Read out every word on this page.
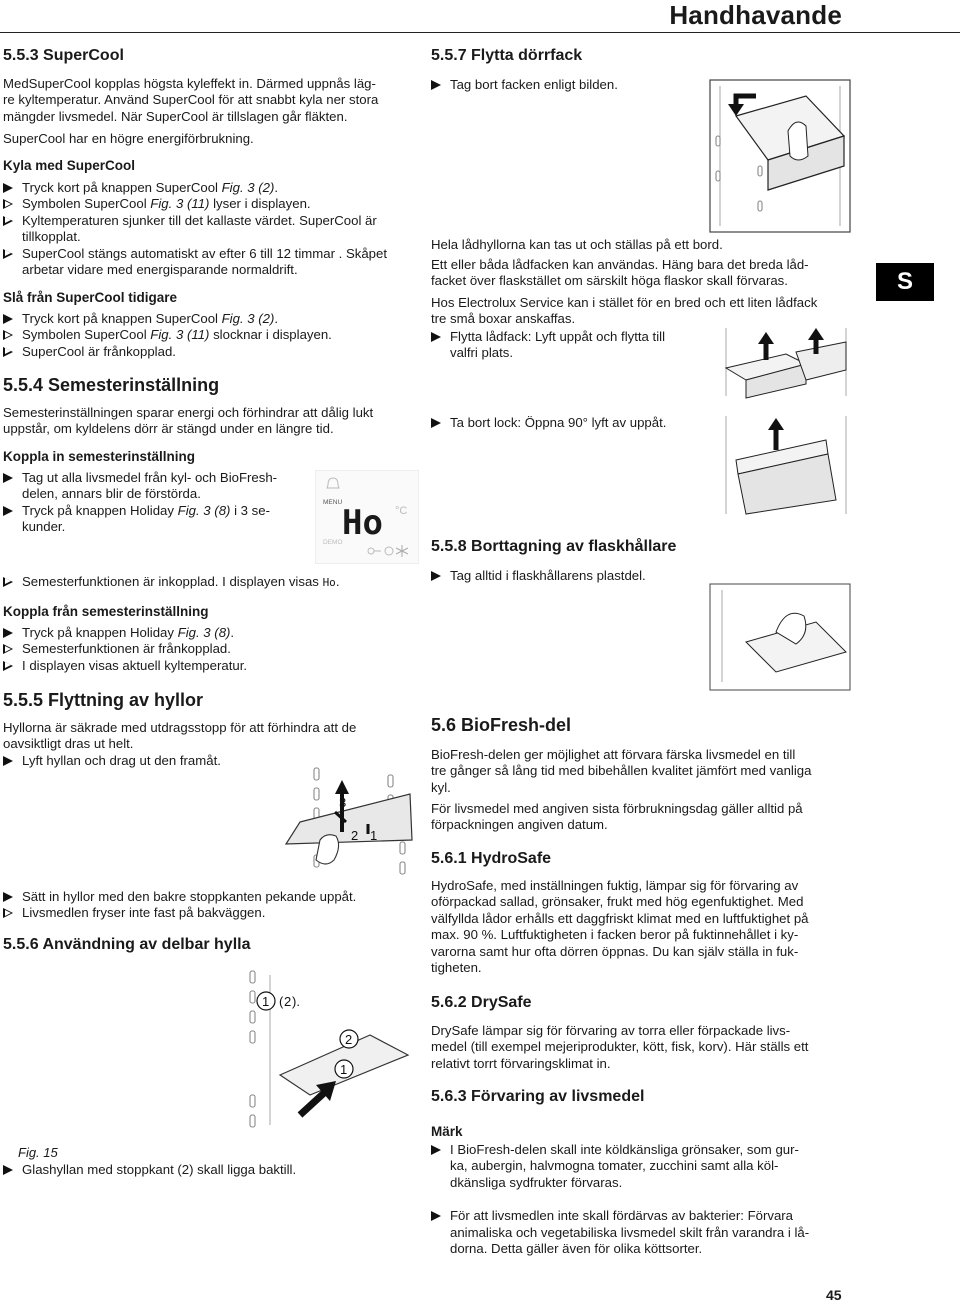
Handhavande
S
45
5.5.3 SuperCool
MedSuperCool kopplas högsta kyleffekt in. Därmed uppnås läg-
re kyltemperatur. Använd SuperCool för att snabbt kyla ner stora
mängder livsmedel. När SuperCool är tillslagen går fläkten.
SuperCool har en högre energiförbrukning.
Kyla med SuperCool
Tryck kort på knappen SuperCool Fig. 3 (2).
Symbolen SuperCool Fig. 3 (11) lyser i displayen.
Kyltemperaturen sjunker till det kallaste värdet. SuperCool är
tillkopplat.
SuperCool stängs automatiskt av efter 6 till 12 timmar . Skåpet
arbetar vidare med energisparande normaldrift.
Slå från SuperCool tidigare
Tryck kort på knappen SuperCool Fig. 3 (2).
Symbolen SuperCool Fig. 3 (11) slocknar i displayen.
SuperCool är frånkopplad.
5.5.4 Semesterinställning
Semesterinställningen sparar energi och förhindrar att dålig lukt
uppstår, om kyldelens dörr är stängd under en längre tid.
Koppla in semesterinställning
Tag ut alla livsmedel från kyl- och BioFresh-
delen, annars blir de förstörda.
Tryck på knappen Holiday Fig. 3 (8) i 3 se-
kunder.
MENU
°C
Ho
DEMO
Semesterfunktionen är inkopplad. I displayen visas Ho.
Koppla från semesterinställning
Tryck på knappen Holiday Fig. 3 (8).
Semesterfunktionen är frånkopplad.
I displayen visas aktuell kyltemperatur.
5.5.5 Flyttning av hyllor
Hyllorna är säkrade med utdragsstopp för att förhindra att de
oavsiktligt dras ut helt.
Lyft hyllan och drag ut den framåt.
3
2 1
Sätt in hyllor med den bakre stoppkanten pekande uppåt.
Livsmedlen fryser inte fast på bakväggen.
5.5.6 Användning av delbar hylla
1 ( 2 ).
2
1
Fig. 15
Glashyllan med stoppkant (2) skall ligga baktill.
5.5.7 Flytta dörrfack
Tag bort facken enligt bilden.
Hela lådhyllorna kan tas ut och ställas på ett bord.
Ett eller båda lådfacken kan användas. Häng bara det breda låd-
facket över flaskstället om särskilt höga flaskor skall förvaras.
Hos Electrolux Service kan i stället för en bred och ett liten lådfack
tre små boxar anskaffas.
Flytta lådfack: Lyft uppåt och flytta till
valfri plats.
Ta bort lock: Öppna 90° lyft av uppåt.
5.5.8 Borttagning av flaskhållare
Tag alltid i flaskhållarens plastdel.
5.6 BioFresh-del
BioFresh-delen ger möjlighet att förvara färska livsmedel en till
tre gånger så lång tid med bibehållen kvalitet jämfört med vanliga
kyl.
För livsmedel med angiven sista förbrukningsdag gäller alltid på
förpackningen angiven datum.
5.6.1 HydroSafe
HydroSafe, med inställningen fuktig, lämpar sig för förvaring av
oförpackad sallad, grönsaker, frukt med hög egenfuktighet. Med
välfyllda lådor erhålls ett daggfriskt klimat med en luftfuktighet på
max. 90 %. Luftfuktigheten i facken beror på fuktinnehållet i ky-
varorna samt hur ofta dörren öppnas. Du kan själv ställa in fuk-
tigheten.
5.6.2 DrySafe
DrySafe lämpar sig för förvaring av torra eller förpackade livs-
medel (till exempel mejeriprodukter, kött, fisk, korv). Här ställs ett
relativt torrt förvaringsklimat in.
5.6.3 Förvaring av livsmedel
Märk
I BioFresh-delen skall inte köldkänsliga grönsaker, som gur-
ka, aubergin, halvmogna tomater, zucchini samt alla köl-
dkänsliga sydfrukter förvaras.
För att livsmedlen inte skall fördärvas av bakterier: Förvara
animaliska och vegetabiliska livsmedel skilt från varandra i lå-
dorna. Detta gäller även för olika köttsorter.
